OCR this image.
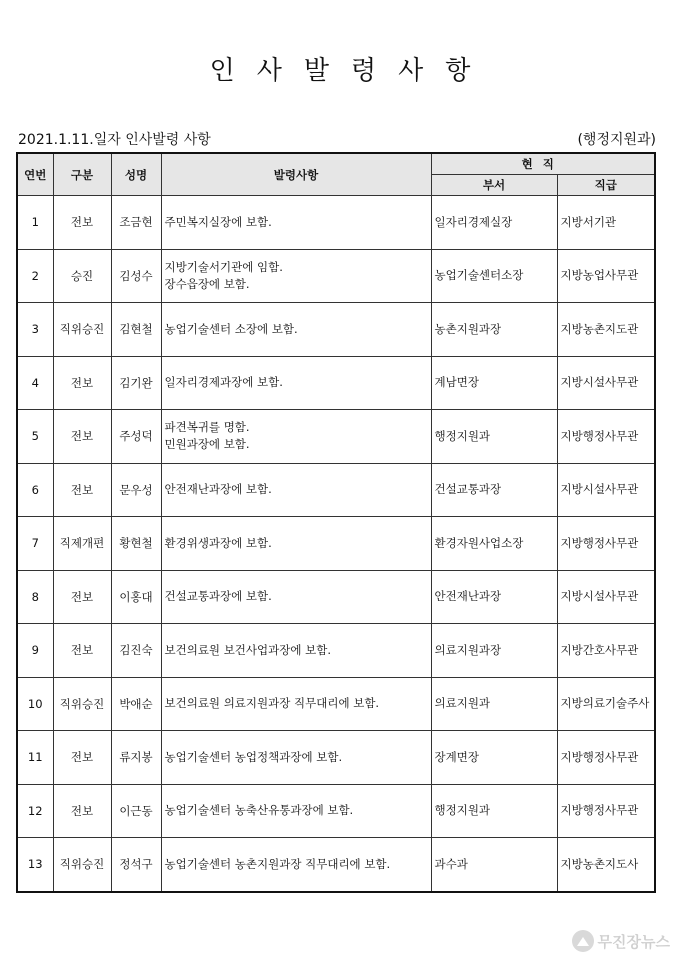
인사발령사항
2021.1.11.일자 인사발령 사항	(행정지원과)
연번	구분	성명	발령사항	현직	
				부서	직급
1	전보	조금현	주민복지실장에 보함.	일자리경제실장	지방서기관
2	승진	김성수	지방기술서기관에 임함.
장수읍장에 보함.	농업기술센터소장	지방농업사무관
3	직위승진	김현철	농업기술센터 소장에 보함.	농촌지원과장	지방농촌지도관
4	전보	김기완	일자리경제과장에 보함.	계남면장	지방시설사무관
5	전보	주성덕	파견복귀를 명함.
민원과장에 보함.	행정지원과	지방행정사무관
6	전보	문우성	안전재난과장에 보함.	건설교통과장	지방시설사무관
7	직제개편	황현철	환경위생과장에 보함.	환경자원사업소장	지방행정사무관
8	전보	이홍대	건설교통과장에 보함.	안전재난과장	지방시설사무관
9	전보	김진숙	보건의료원 보건사업과장에 보함.	의료지원과장	지방간호사무관
10	직위승진	박애순	보건의료원 의료지원과장 직무대리에 보함.	의료지원과	지방의료기술주사
11	전보	류지봉	농업기술센터 농업정책과장에 보함.	장계면장	지방행정사무관
12	전보	이근동	농업기술센터 농축산유통과장에 보함.	행정지원과	지방행정사무관
13	직위승진	정석구	농업기술센터 농촌지원과장 직무대리에 보함.	과수과	지방농촌지도사
무진장뉴스
